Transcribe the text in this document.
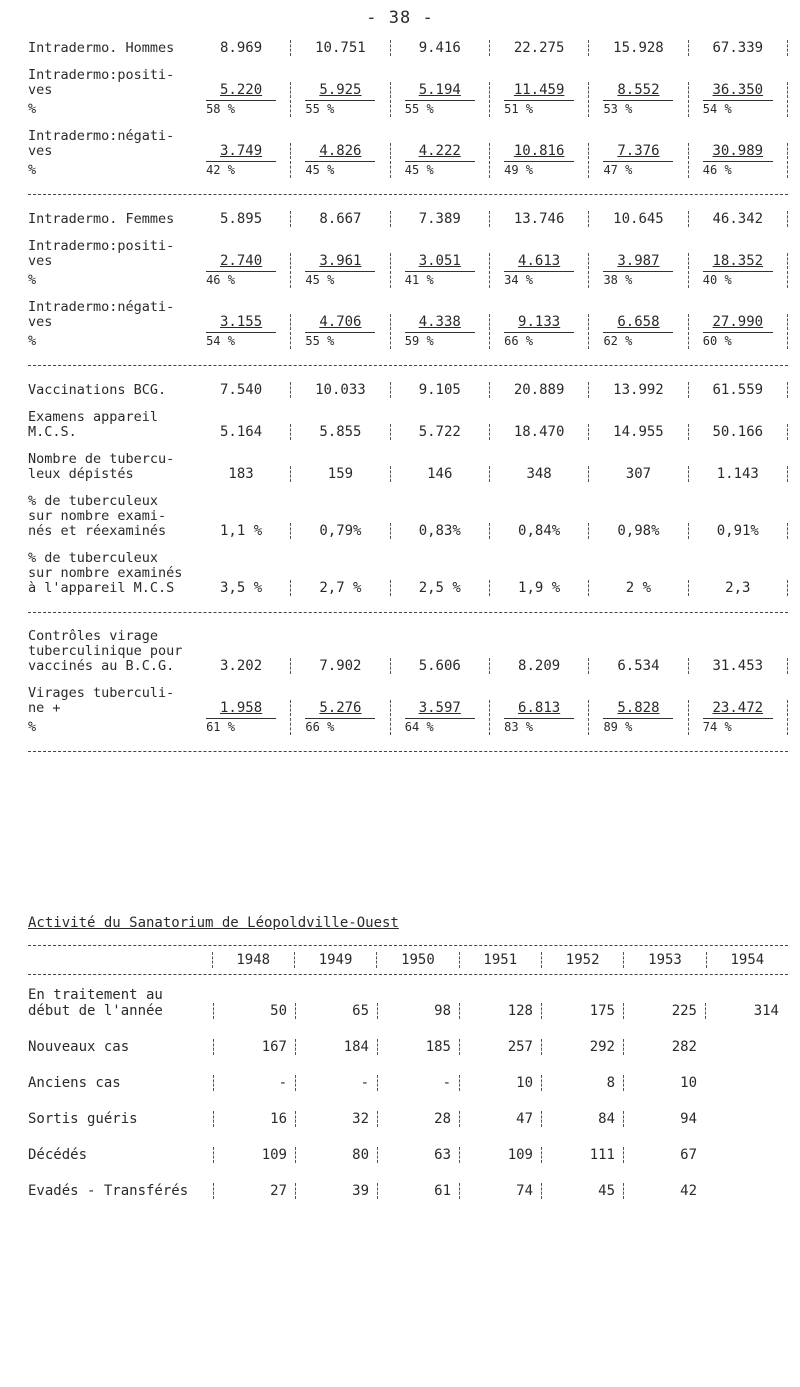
- 38 -
Intradermo. Hommes	8.969	10.751	9.416	22.275	15.928	67.339
Intradermo:positi-
ves	5.220	5.925	5.194	11.459	8.552	36.350
%	58 %	55 %	55 %	51 %	53 %	54 %
Intradermo:négati-
ves	3.749	4.826	4.222	10.816	7.376	30.989
%	42 %	45 %	45 %	49 %	47 %	46 %
Intradermo. Femmes	5.895	8.667	7.389	13.746	10.645	46.342
Intradermo:positi-
ves	2.740	3.961	3.051	4.613	3.987	18.352
%	46 %	45 %	41 %	34 %	38 %	40 %
Intradermo:négati-
ves	3.155	4.706	4.338	9.133	6.658	27.990
%	54 %	55 %	59 %	66 %	62 %	60 %
Vaccinations BCG.	7.540	10.033	9.105	20.889	13.992	61.559
Examens appareil
M.C.S.	5.164	5.855	5.722	18.470	14.955	50.166
Nombre de tubercu-
leux dépistés	183	159	146	348	307	1.143
% de tuberculeux
sur nombre exami-
nés et réexaminés	1,1 %	0,79%	0,83%	0,84%	0,98%	0,91%
% de tuberculeux
sur nombre examinés
à l'appareil M.C.S	3,5 %	2,7 %	2,5 %	1,9 %	2 %	2,3
Contrôles virage
tuberculinique pour
vaccinés au B.C.G.	3.202	7.902	5.606	8.209	6.534	31.453
Virages tuberculi-
ne +	1.958	5.276	3.597	6.813	5.828	23.472
%	61 %	66 %	64 %	83 %	89 %	74 %
Activité du Sanatorium de Léopoldville-Ouest
1948	1949	1950	1951	1952	1953	1954
En traitement au
début de l'année	50	65	98	128	175	225	314
Nouveaux cas	167	184	185	257	292	282
Anciens cas	-	-	-	10	8	10
Sortis guéris	16	32	28	47	84	94
Décédés	109	80	63	109	111	67
Evadés - Transférés	27	39	61	74	45	42
